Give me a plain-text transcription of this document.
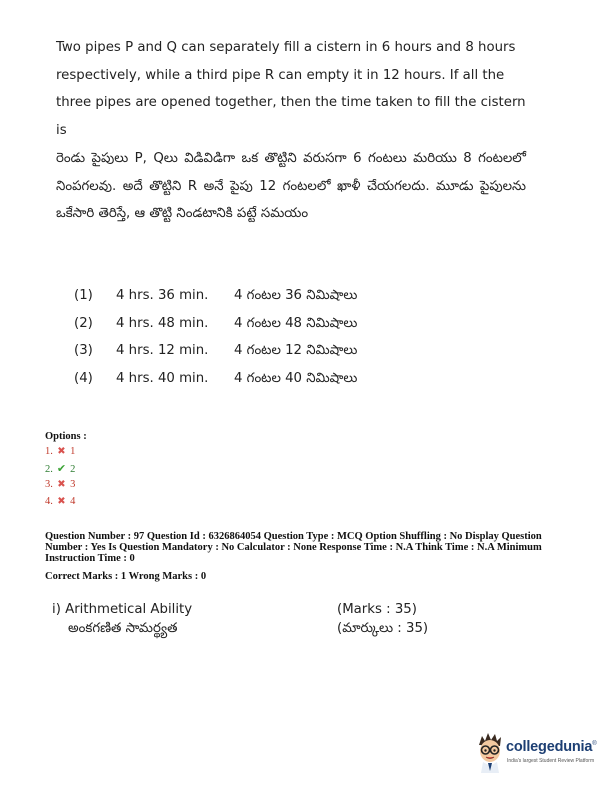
Two pipes P and Q can separately fill a cistern in 6 hours and 8 hours respectively, while a third pipe R can empty it in 12 hours. If all the three pipes are opened together, then the time taken to fill the cistern is
రెండు పైపులు P, Qలు విడివిడిగా ఒక తొట్టిని వరుసగా 6 గంటలు మరియు 8 గంటలలో నింపగలవు. అదే తొట్టిని R అనే పైపు 12 గంటలలో ఖాళీ చేయగలదు. మూడు పైపులను ఒకేసారి తెరిస్తే, ఆ తొట్టి నిండటానికి పట్టే సమయం
(1) 4 hrs. 36 min. 4 గంటల 36 నిమిషాలు
(2) 4 hrs. 48 min. 4 గంటల 48 నిమిషాలు
(3) 4 hrs. 12 min. 4 గంటల 12 నిమిషాలు
(4) 4 hrs. 40 min. 4 గంటల 40 నిమిషాలు
Options :
1. ✖ 1
2. ✔ 2
3. ✖ 3
4. ✖ 4
Question Number : 97 Question Id : 6326864054 Question Type : MCQ Option Shuffling : No Display Question Number : Yes Is Question Mandatory : No Calculator : None Response Time : N.A Think Time : N.A Minimum Instruction Time : 0
Correct Marks : 1 Wrong Marks : 0
i) Arithmetical Ability	(Marks : 35)
అంకగణిత సామర్థ్యత	(మార్కులు : 35)
collegedunia®
India's largest Student Review Platform
